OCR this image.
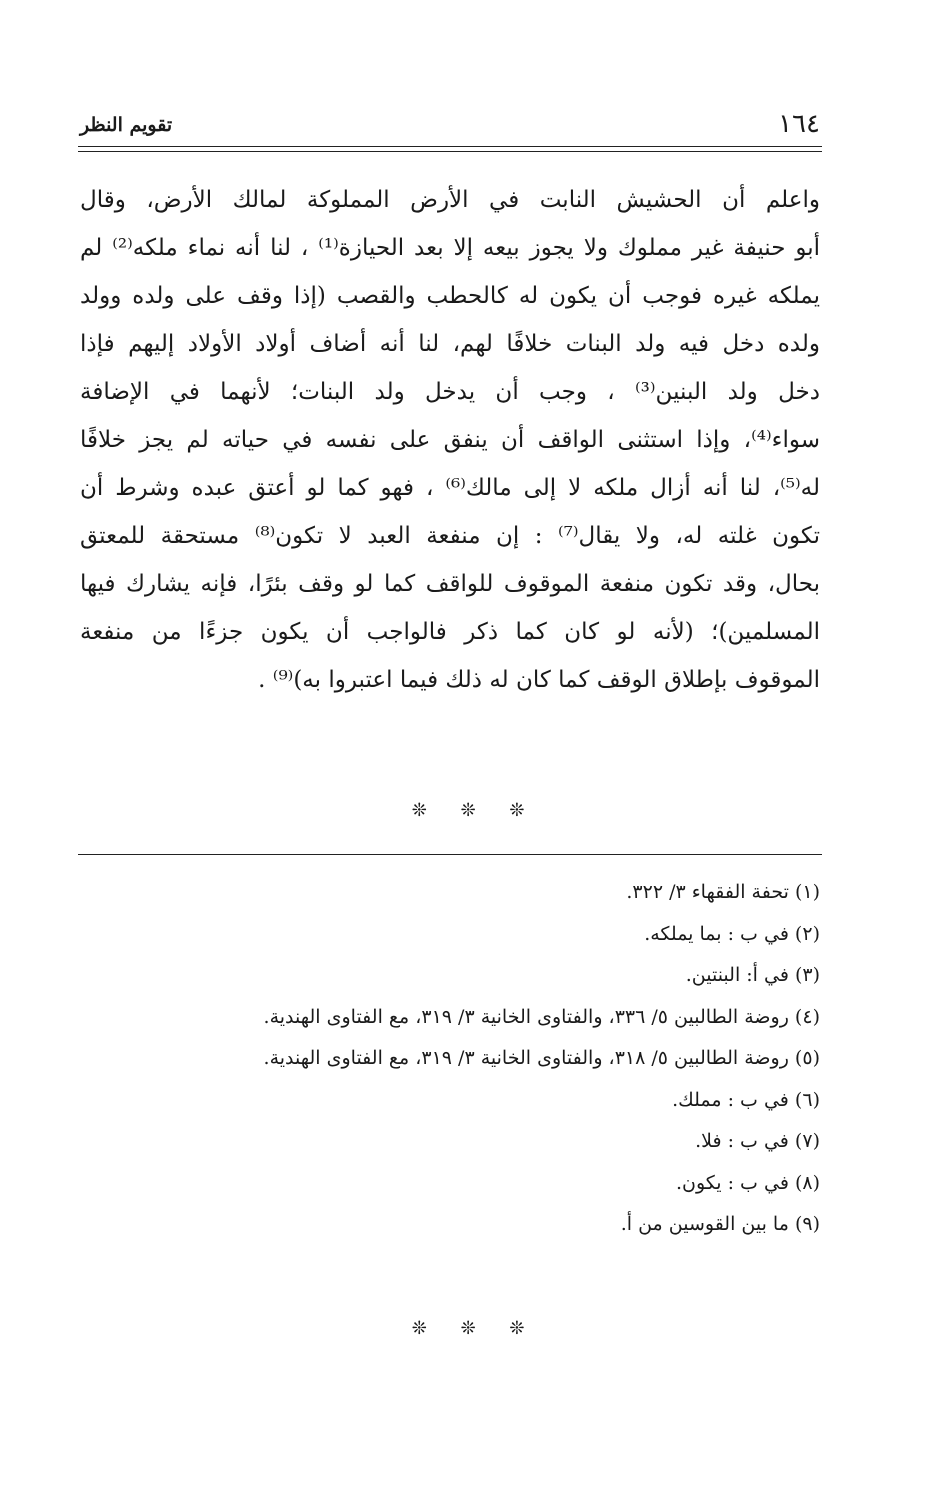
١٦٤
تقويم النظر
واعلم أن الحشيش النابت في الأرض المملوكة لمالك الأرض، وقال
أبو حنيفة غير مملوك ولا يجوز بيعه إلا بعد الحيازة⁽¹⁾ ، لنا أنه نماء ملكه⁽²⁾ لم
يملكه غيره فوجب أن يكون له كالحطب والقصب (إذا وقف على ولده وولد
ولده دخل فيه ولد البنات خلافًا لهم، لنا أنه أضاف أولاد الأولاد إليهم فإذا
دخل ولد البنين⁽³⁾ ، وجب أن يدخل ولد البنات؛ لأنهما في الإضافة
سواء⁽⁴⁾، وإذا استثنى الواقف أن ينفق على نفسه في حياته لم يجز خلافًا
له⁽⁵⁾، لنا أنه أزال ملكه لا إلى مالك⁽⁶⁾ ، فهو كما لو أعتق عبده وشرط أن
تكون غلته له، ولا يقال⁽⁷⁾ : إن منفعة العبد لا تكون⁽⁸⁾ مستحقة للمعتق
بحال، وقد تكون منفعة الموقوف للواقف كما لو وقف بئرًا، فإنه يشارك فيها
المسلمين)؛ (لأنه لو كان كما ذكر فالواجب أن يكون جزءًا من منفعة
الموقوف بإطلاق الوقف كما كان له ذلك فيما اعتبروا به)⁽⁹⁾ .
❊ ❊ ❊
(١) تحفة الفقهاء ٣/ ٣٢٢.
(٢) في ب : بما يملكه.
(٣) في أ: البنتين.
(٤) روضة الطالبين ٥/ ٣٣٦، والفتاوى الخانية ٣/ ٣١٩، مع الفتاوى الهندية.
(٥) روضة الطالبين ٥/ ٣١٨، والفتاوى الخانية ٣/ ٣١٩، مع الفتاوى الهندية.
(٦) في ب : مملك.
(٧) في ب : فلا.
(٨) في ب : يكون.
(٩) ما بين القوسين من أ.
❊ ❊ ❊
